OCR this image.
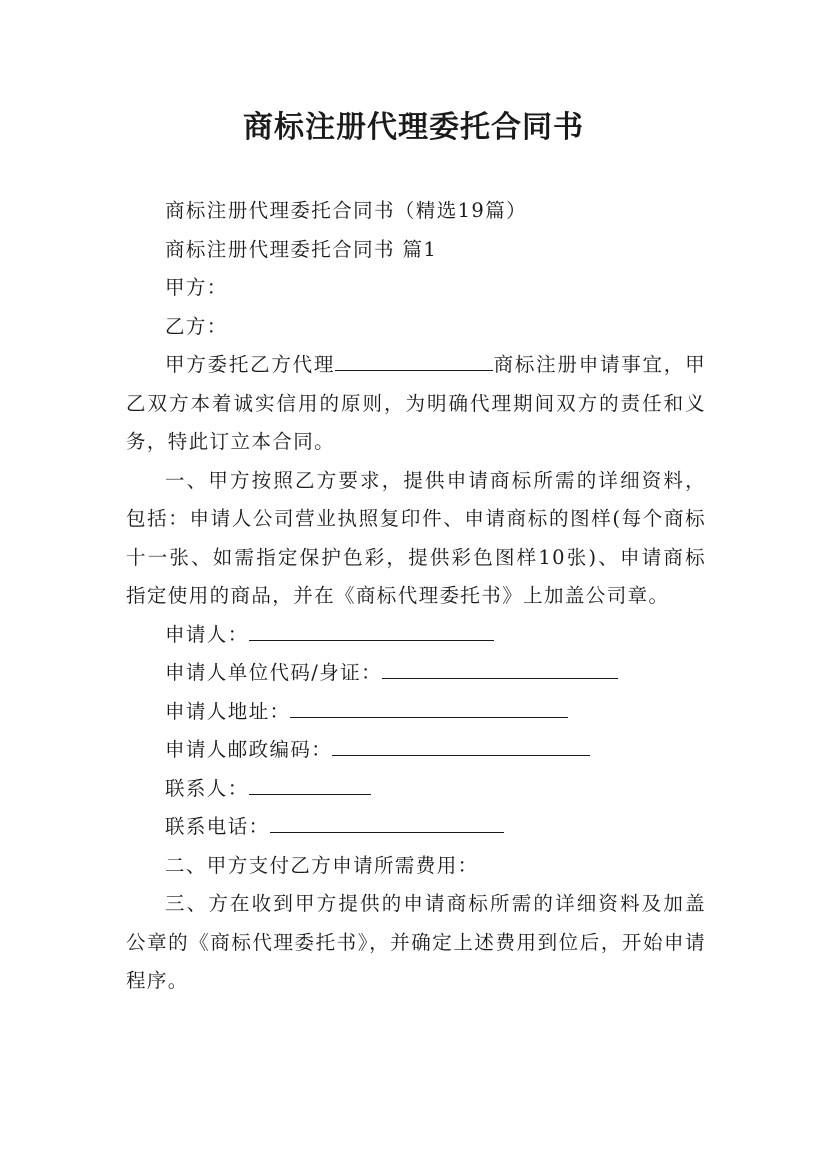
商标注册代理委托合同书

商标注册代理委托合同书（精选19篇）

商标注册代理委托合同书 篇1

甲方：

乙方：

甲方委托乙方代理	商标注册申请事宜，甲乙双方本着诚实信用的原则，为明确代理期间双方的责任和义务，特此订立本合同。

一、甲方按照乙方要求，提供申请商标所需的详细资料，包括：申请人公司营业执照复印件、申请商标的图样(每个商标十一张、如需指定保护色彩，提供彩色图样10张)、申请商标指定使用的商品，并在《商标代理委托书》上加盖公司章。

申请人：

申请人单位代码/身证：

申请人地址：

申请人邮政编码：

联系人：

联系电话：

二、甲方支付乙方申请所需费用：

三、方在收到甲方提供的申请商标所需的详细资料及加盖公章的《商标代理委托书》，并确定上述费用到位后，开始申请程序。
